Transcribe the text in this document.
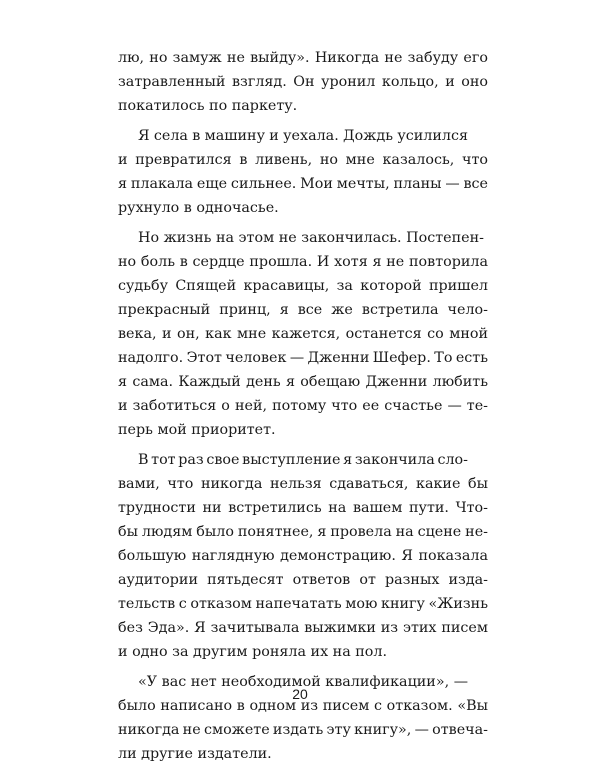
лю, но замуж не выйду». Никогда не забуду его
затравленный взгляд. Он уронил кольцо, и оно
покатилось по паркету.
Я села в машину и уехала. Дождь усилился
и превратился в ливень, но мне казалось, что
я плакала еще сильнее. Мои мечты, планы — все
рухнуло в одночасье.
Но жизнь на этом не закончилась. Постепен-
но боль в сердце прошла. И хотя я не повторила
судьбу Спящей красавицы, за которой пришел
прекрасный принц, я все же встретила чело-
века, и он, как мне кажется, останется со мной
надолго. Этот человек — Дженни Шефер. То есть
я сама. Каждый день я обещаю Дженни любить
и заботиться о ней, потому что ее счастье — те-
перь мой приоритет.
В тот раз свое выступление я закончила сло-
вами, что никогда нельзя сдаваться, какие бы
трудности ни встретились на вашем пути. Что-
бы людям было понятнее, я провела на сцене не-
большую наглядную демонстрацию. Я показала
аудитории пятьдесят ответов от разных изда-
тельств с отказом напечатать мою книгу «Жизнь
без Эда». Я зачитывала выжимки из этих писем
и одно за другим роняла их на пол.
«У вас нет необходимой квалификации», —
было написано в одном из писем с отказом. «Вы
никогда не сможете издать эту книгу», — отвеча-
ли другие издатели.
20
